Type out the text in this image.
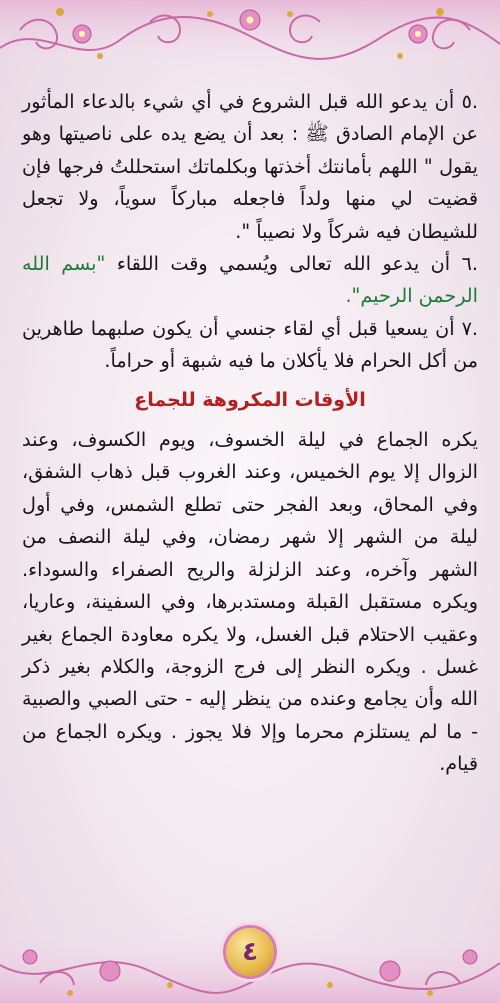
.٥ أن يدعو الله قبل الشروع في أي شيء بالدعاء المأثور عن الإمام الصادق ﷺ : بعد أن يضع يده على ناصيتها وهو يقول " اللهم بأمانتك أخذتها وبكلماتك استحللتُ فرجها فإن قضيت لي منها ولداً فاجعله مباركاً سوياً، ولا تجعل للشيطان فيه شركاً ولا نصيباً ".

.٦ أن يدعو الله تعالى ويُسمي وقت اللقاء "بسم الله الرحمن الرحيم".

.٧ أن يسعيا قبل أي لقاء جنسي أن يكون صلبهما طاهرين من أكل الحرام فلا يأكلان ما فيه شبهة أو حراماً.

الأوقات المكروهة للجماع

يكره الجماع في ليلة الخسوف، ويوم الكسوف، وعند الزوال إلا يوم الخميس، وعند الغروب قبل ذهاب الشفق، وفي المحاق، وبعد الفجر حتى تطلع الشمس، وفي أول ليلة من الشهر إلا شهر رمضان، وفي ليلة النصف من الشهر وآخره، وعند الزلزلة والريح الصفراء والسوداء. ويكره مستقبل القبلة ومستدبرها، وفي السفينة، وعاريا، وعقيب الاحتلام قبل الغسل، ولا يكره معاودة الجماع بغير غسل . ويكره النظر إلى فرج الزوجة، والكلام بغير ذكر الله وأن يجامع وعنده من ينظر إليه - حتى الصبي والصبية - ما لم يستلزم محرما وإلا فلا يجوز . ويكره الجماع من قيام.

٤
